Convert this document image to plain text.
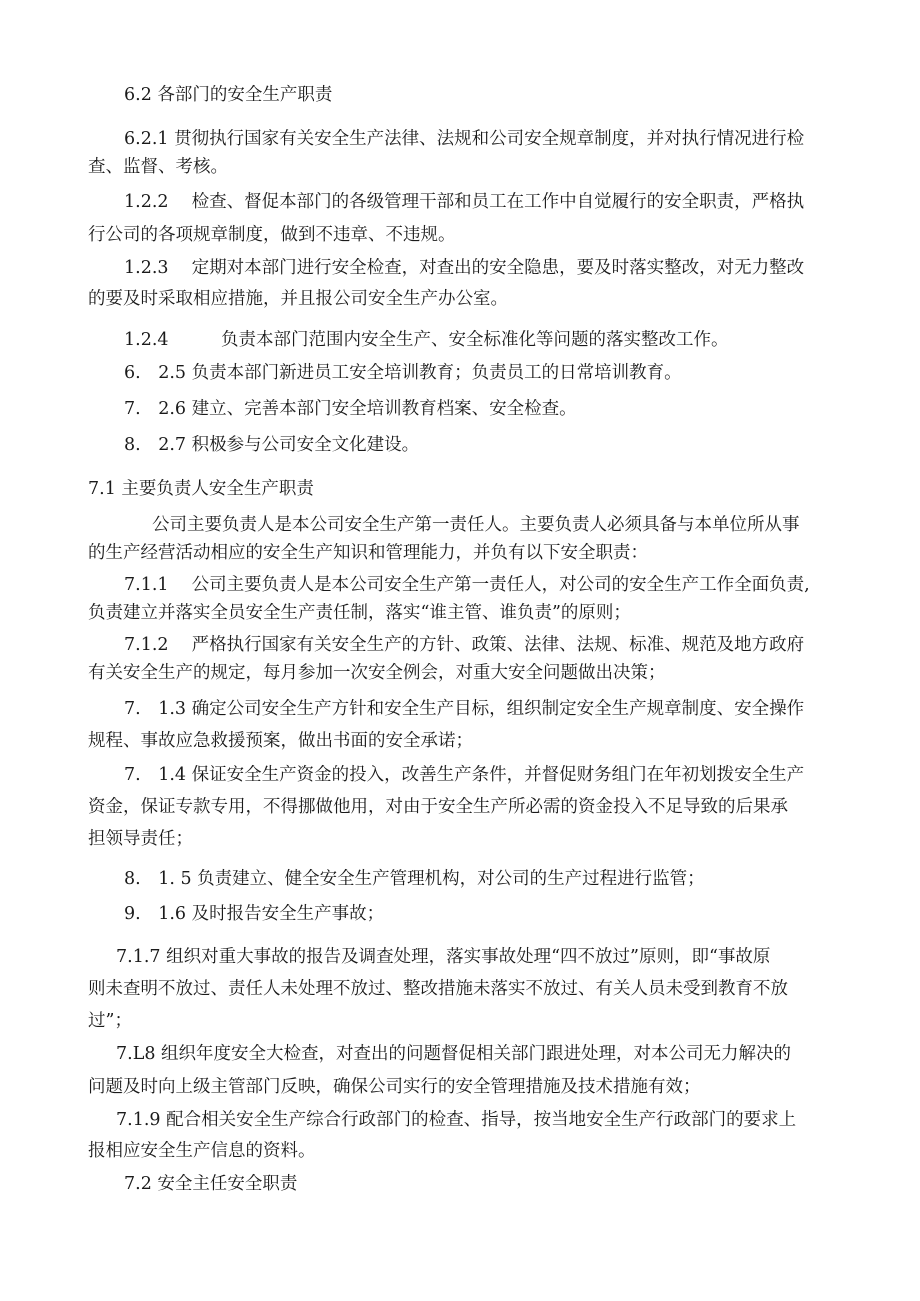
6.2 各部门的安全生产职责

6.2.1 贯彻执行国家有关安全生产法律、法规和公司安全规章制度，并对执行情况进行检

查、监督、考核。

1.2.2　 检查、督促本部门的各级管理干部和员工在工作中自觉履行的安全职责，严格执

行公司的各项规章制度，做到不违章、不违规。

1.2.3　 定期对本部门进行安全检查，对查出的安全隐患，要及时落实整改，对无力整改

的要及时采取相应措施，并且报公司安全生产办公室。

1.2.4　　　负责本部门范围内安全生产、安全标准化等问题的落实整改工作。

6.　2.5 负责本部门新进员工安全培训教育；负责员工的日常培训教育。

7.　2.6 建立、完善本部门安全培训教育档案、安全检查。

8.　2.7 积极参与公司安全文化建设。

7.1 主要负责人安全生产职责

公司主要负责人是本公司安全生产第一责任人。主要负责人必须具备与本单位所从事

的生产经营活动相应的安全生产知识和管理能力，并负有以下安全职责：

7.1.1　 公司主要负责人是本公司安全生产第一责任人，对公司的安全生产工作全面负责,

负责建立并落实全员安全生产责任制，落实“谁主管、谁负责”的原则；

7.1.2　 严格执行国家有关安全生产的方针、政策、法律、法规、标准、规范及地方政府

有关安全生产的规定，每月参加一次安全例会，对重大安全问题做出决策；

7.　1.3 确定公司安全生产方针和安全生产目标，组织制定安全生产规章制度、安全操作

规程、事故应急救援预案，做出书面的安全承诺；

7.　1.4 保证安全生产资金的投入，改善生产条件，并督促财务组门在年初划拨安全生产

资金，保证专款专用，不得挪做他用，对由于安全生产所必需的资金投入不足导致的后果承

担领导责任；

8.　1. 5 负责建立、健全安全生产管理机构，对公司的生产过程进行监管；

9.　1.6 及时报告安全生产事故；

7.1.7 组织对重大事故的报告及调查处理，落实事故处理“四不放过”原则，即“事故原

则未查明不放过、责任人未处理不放过、整改措施未落实不放过、有关人员未受到教育不放

过”；

7.L8 组织年度安全大检查，对查出的问题督促相关部门跟进处理，对本公司无力解决的

问题及时向上级主管部门反映，确保公司实行的安全管理措施及技术措施有效；

7.1.9 配合相关安全生产综合行政部门的检查、指导，按当地安全生产行政部门的要求上

报相应安全生产信息的资料。

7.2 安全主任安全职责
